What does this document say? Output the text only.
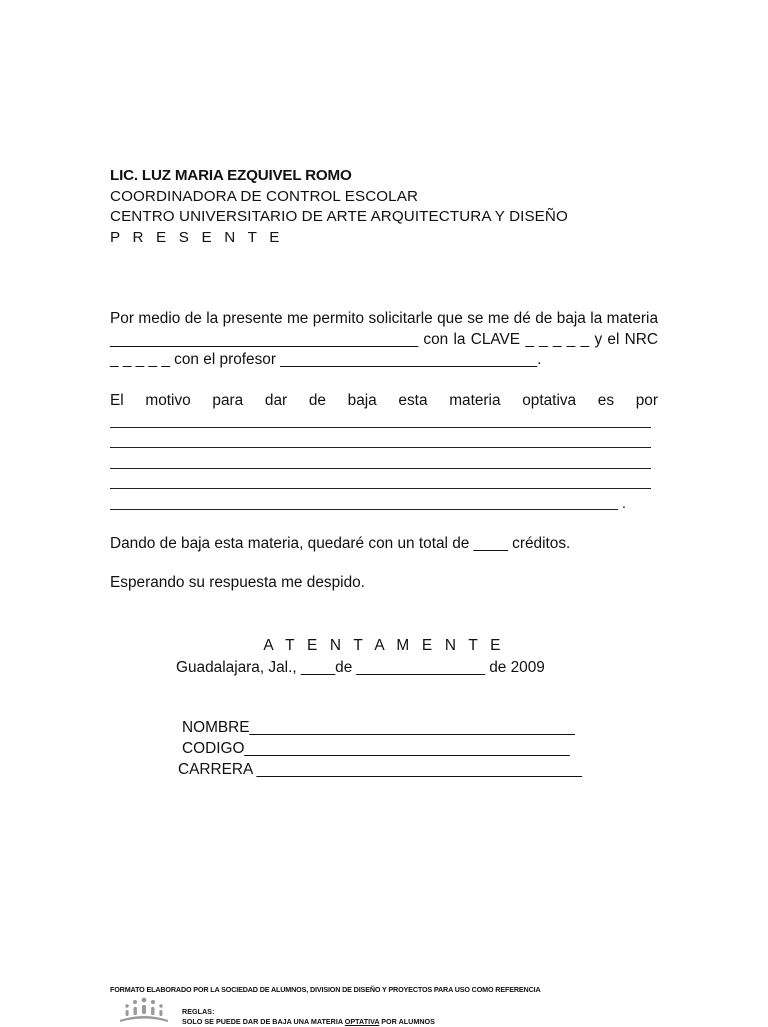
LIC. LUZ MARIA EZQUIVEL ROMO
COORDINADORA DE CONTROL ESCOLAR
CENTRO UNIVERSITARIO DE ARTE ARQUITECTURA Y DISEÑO
P R E S E N T E

Por medio de la presente me permito solicitarle que se me dé de baja la materia ____________________________________ con la CLAVE _ _ _ _ _ y el NRC _ _ _ _ _ con el profesor ______________________________.

El motivo para dar de baja esta materia optativa es por

.

Dando de baja esta materia, quedaré con un total de ____ créditos.

Esperando su respuesta me despido.

A T E N T A M E N T E
Guadalajara, Jal., ____de _______________ de 2009
NOMBRE______________________________________
CODIGO______________________________________
CARRERA ______________________________________
FORMATO ELABORADO POR LA SOCIEDAD DE ALUMNOS, DIVISION DE DISEÑO Y PROYECTOS PARA USO COMO REFERENCIA
REGLAS:
SOLO SE PUEDE DAR DE BAJA UNA MATERIA OPTATIVA POR ALUMNOS
